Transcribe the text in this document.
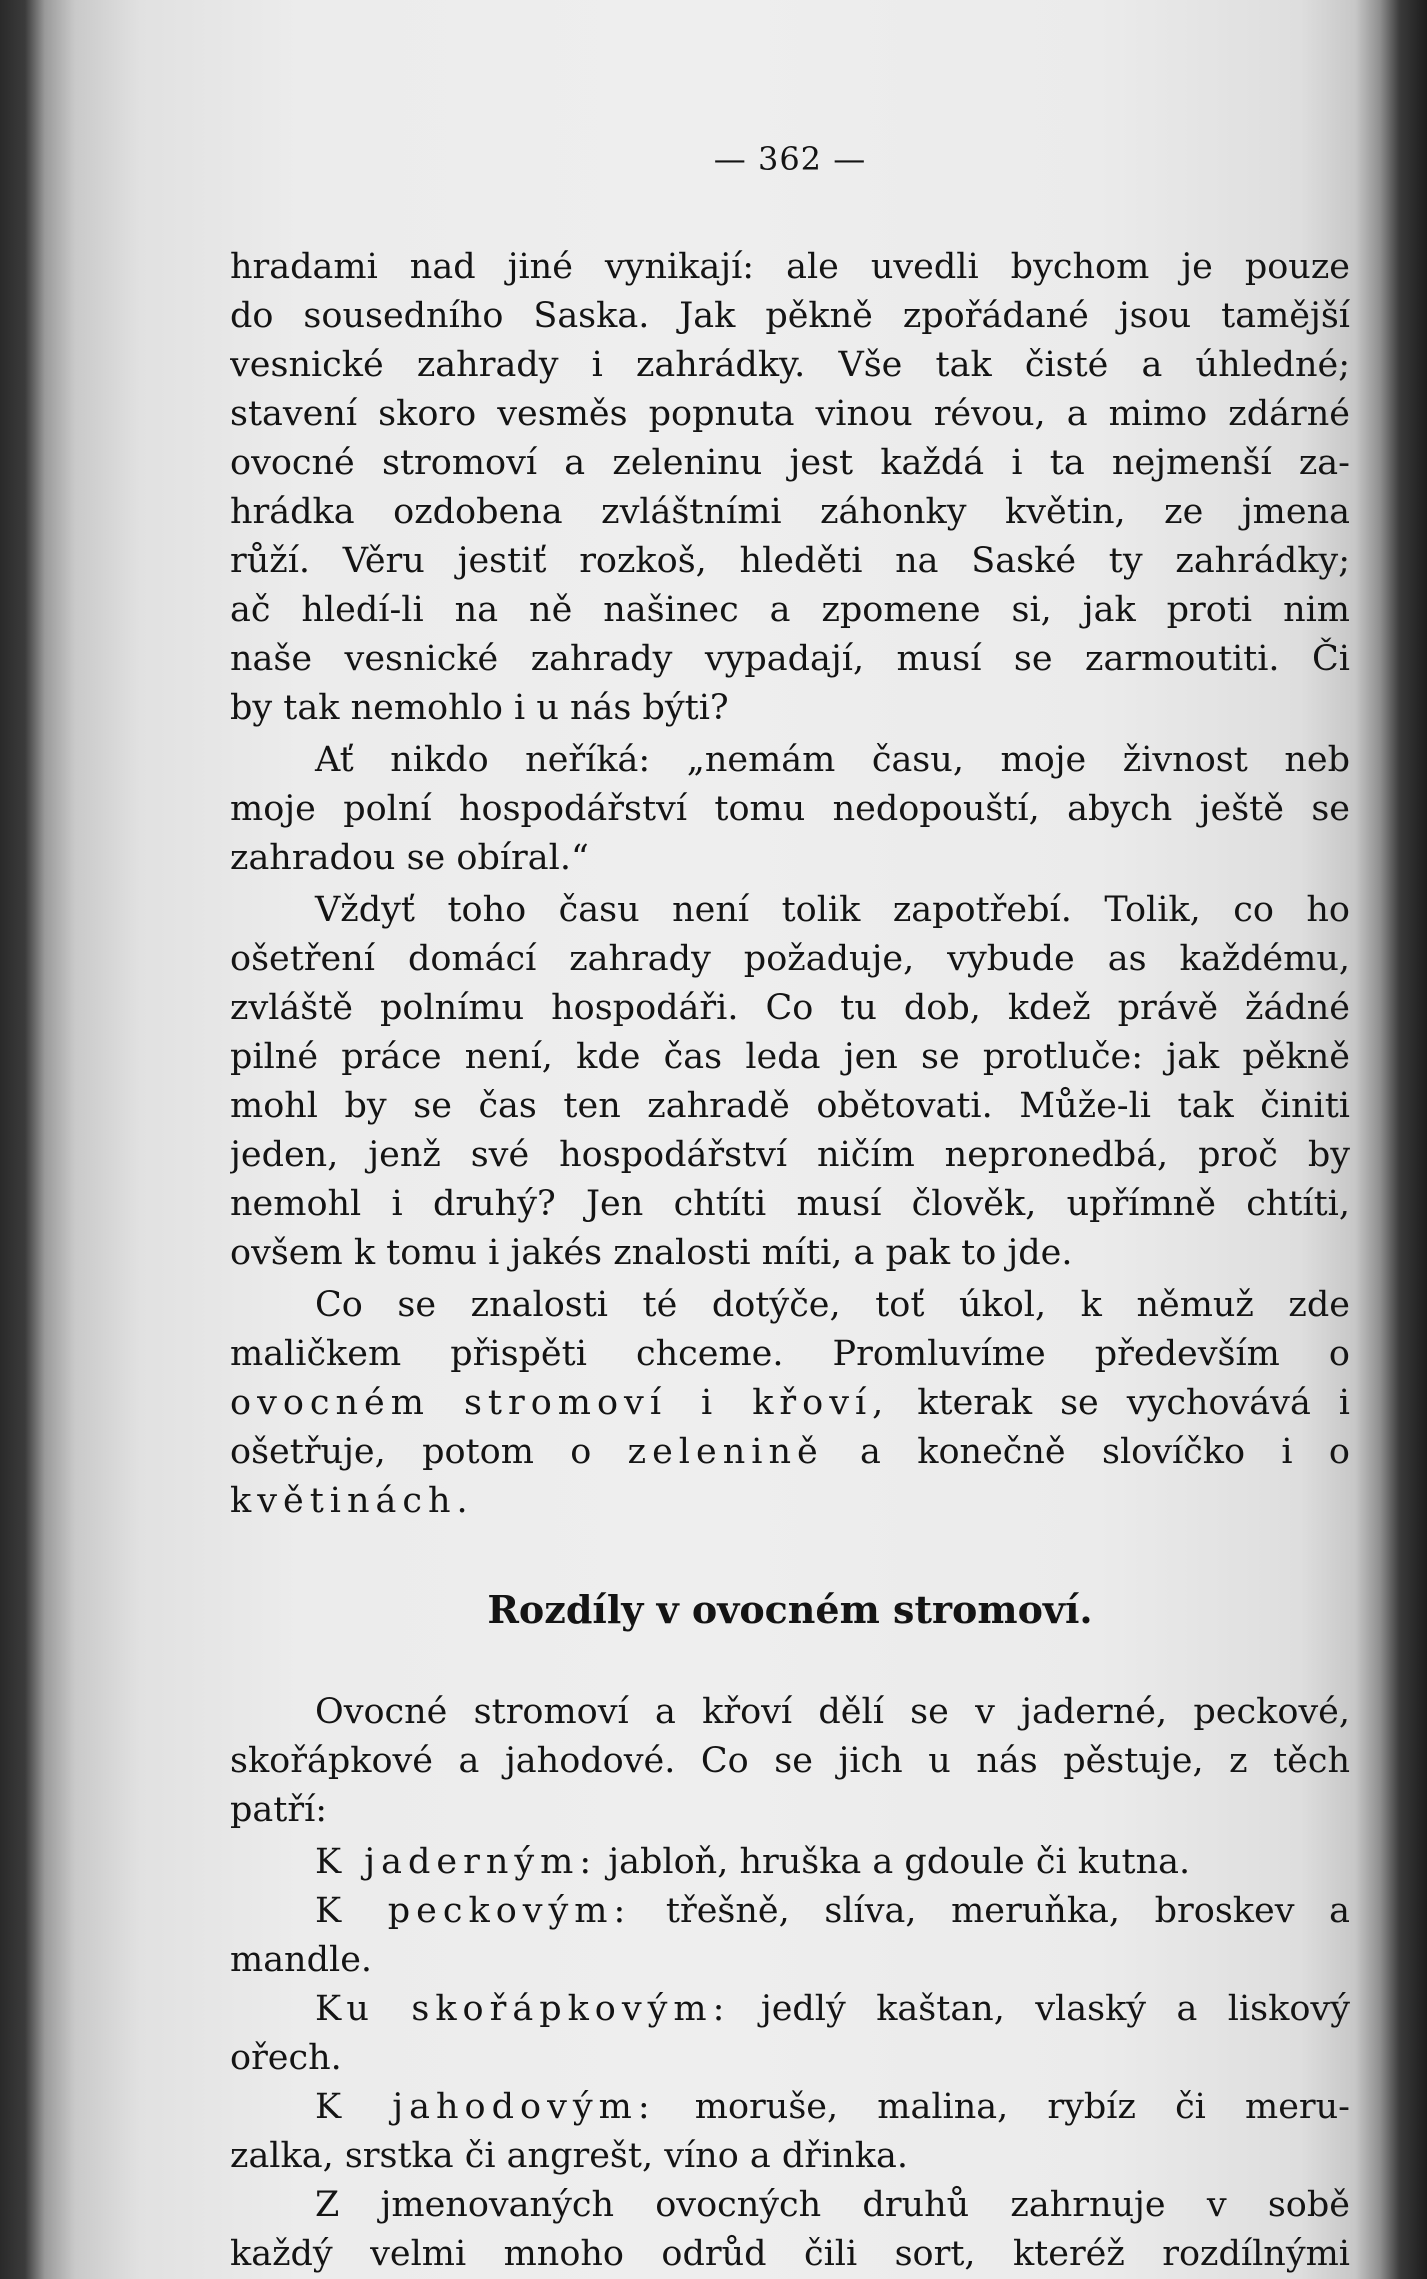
— 362 —
hradami nad jiné vynikají: ale uvedli bychom je pouze
do sousedního Saska. Jak pěkně zpořádané jsou tamější
vesnické zahrady i zahrádky. Vše tak čisté a úhledné;
stavení skoro vesměs popnuta vinou révou, a mimo zdárné
ovocné stromoví a zeleninu jest každá i ta nejmenší za-
hrádka ozdobena zvláštními záhonky květin, ze jmena
růží. Věru jestiť rozkoš, hleděti na Saské ty zahrádky;
ač hledí-li na ně našinec a zpomene si, jak proti nim
naše vesnické zahrady vypadají, musí se zarmoutiti. Či
by tak nemohlo i u nás býti?
Ať nikdo neříká: „nemám času, moje živnost neb
moje polní hospodářství tomu nedopouští, abych ještě se
zahradou se obíral.“
Vždyť toho času není tolik zapotřebí. Tolik, co ho
ošetření domácí zahrady požaduje, vybude as každému,
zvláště polnímu hospodáři. Co tu dob, kdež právě žádné
pilné práce není, kde čas leda jen se protluče: jak pěkně
mohl by se čas ten zahradě obětovati. Může-li tak činiti
jeden, jenž své hospodářství ničím nepronedbá, proč by
nemohl i druhý? Jen chtíti musí člověk, upřímně chtíti,
ovšem k tomu i jakés znalosti míti, a pak to jde.
Co se znalosti té dotýče, toť úkol, k němuž zde
maličkem přispěti chceme. Promluvíme především o
ovocném stromoví i křoví, kterak se vychovává i
ošetřuje, potom o zelenině a konečně slovíčko i o
květinách.
Rozdíly v ovocném stromoví.
Ovocné stromoví a křoví dělí se v jaderné, peckové,
skořápkové a jahodové. Co se jich u nás pěstuje, z těch
patří:
K jaderným: jabloň, hruška a gdoule či kutna.
K peckovým: třešně, slíva, meruňka, broskev a
mandle.
Ku skořápkovým: jedlý kaštan, vlaský a liskový
ořech.
K jahodovým: moruše, malina, rybíz či meru-
zalka, srstka či angrešt, víno a dřinka.
Z jmenovaných ovocných druhů zahrnuje v sobě
každý velmi mnoho odrůd čili sort, kteréž rozdílnými
